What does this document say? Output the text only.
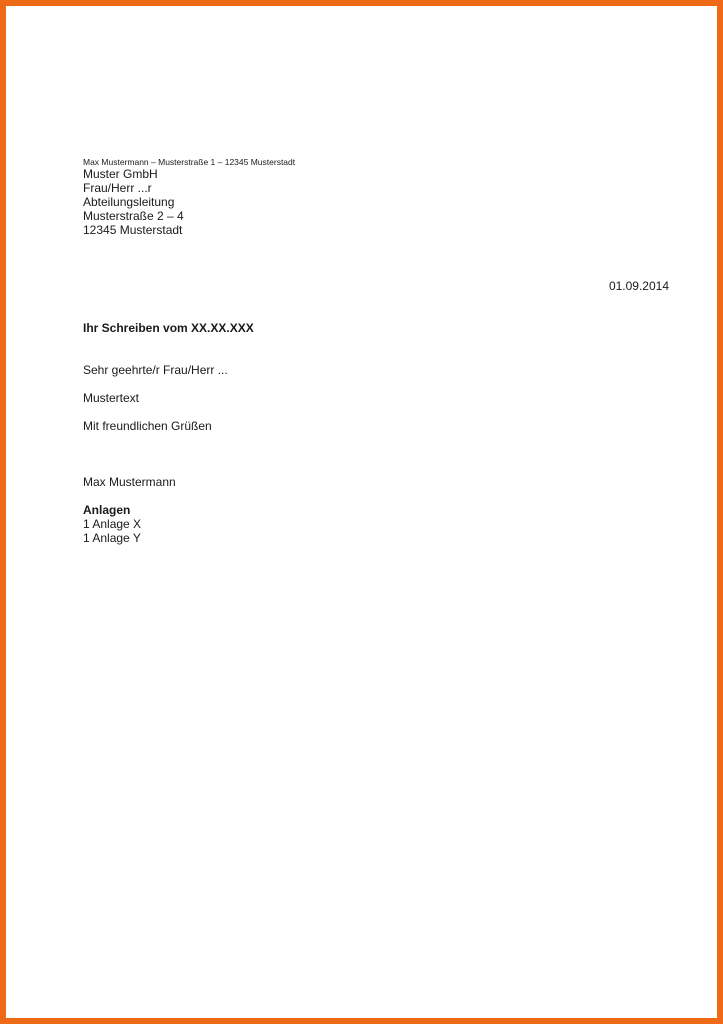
Max Mustermann – Musterstraße 1 – 12345 Musterstadt
Muster GmbH
Frau/Herr ...r
Abteilungsleitung
Musterstraße 2 – 4
12345 Musterstadt
01.09.2014
Ihr Schreiben vom XX.XX.XXX
Sehr geehrte/r Frau/Herr ...
Mustertext
Mit freundlichen Grüßen
Max Mustermann
Anlagen
1 Anlage X
1 Anlage Y
